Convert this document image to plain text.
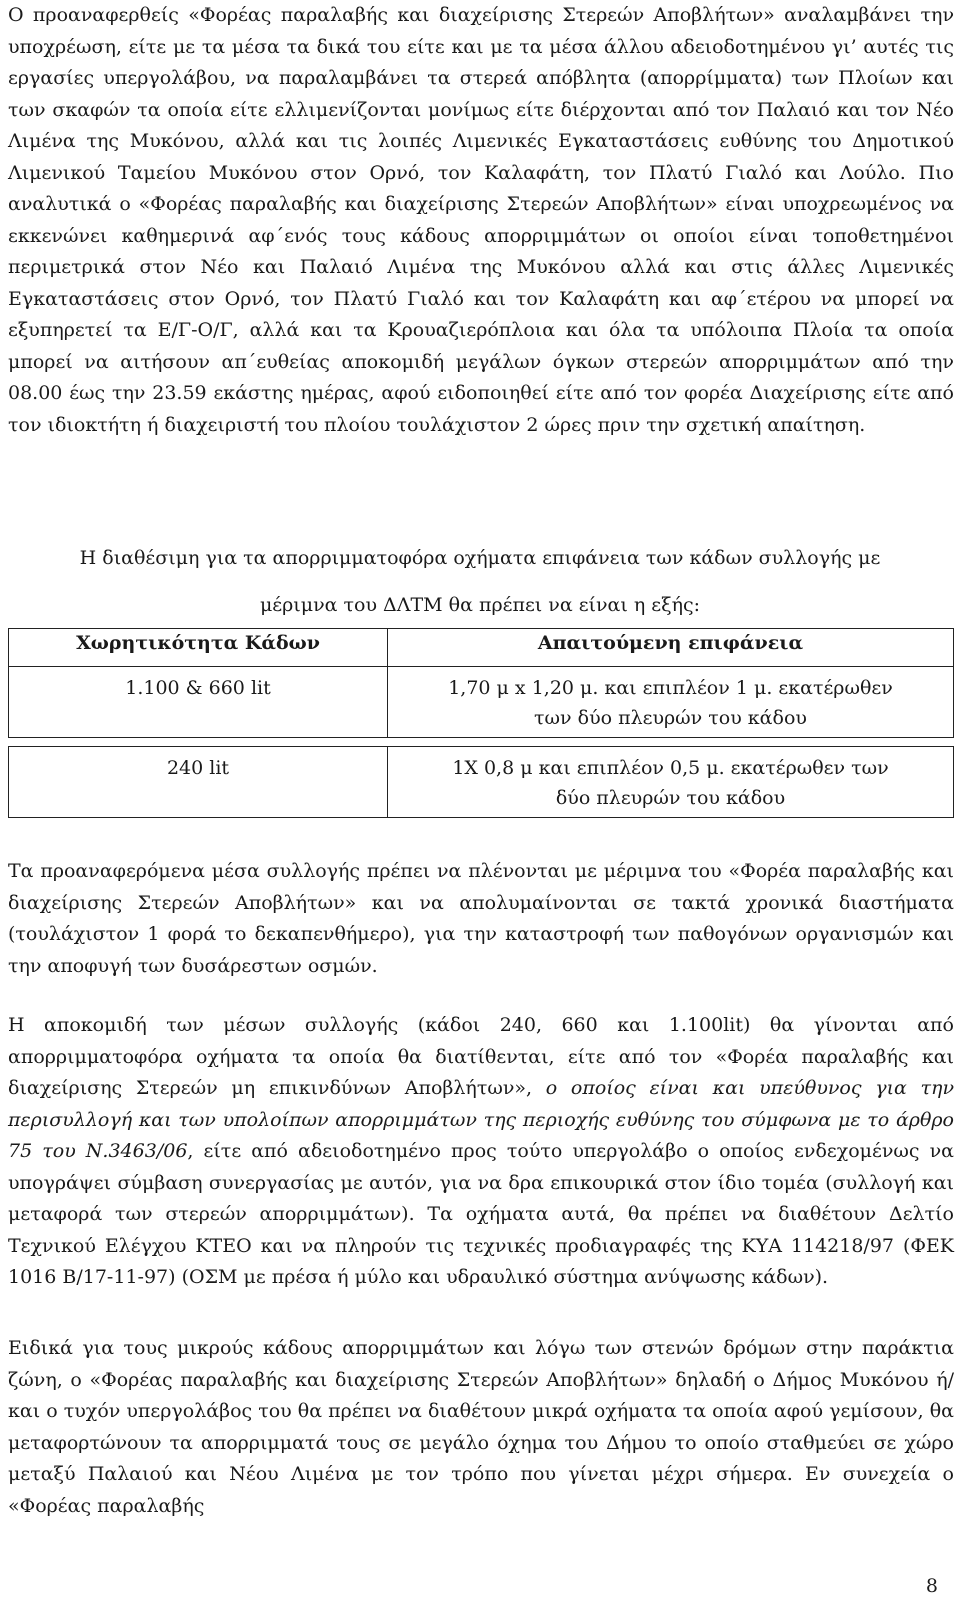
Ο προαναφερθείς «Φορέας παραλαβής και διαχείρισης Στερεών Αποβλήτων» αναλαμβάνει την υποχρέωση, είτε με τα μέσα τα δικά του είτε και με τα μέσα άλλου αδειοδοτημένου γι’ αυτές τις εργασίες υπεργολάβου, να παραλαμβάνει τα στερεά απόβλητα (απορρίμματα) των Πλοίων και των σκαφών τα οποία είτε ελλιμενίζονται μονίμως είτε διέρχονται από τον Παλαιό και τον Νέο Λιμένα της Μυκόνου, αλλά και τις λοιπές Λιμενικές Εγκαταστάσεις ευθύνης του Δημοτικού Λιμενικού Ταμείου Μυκόνου στον Ορνό, τον Καλαφάτη, τον Πλατύ Γιαλό και Λούλο. Πιο αναλυτικά ο «Φορέας παραλαβής και διαχείρισης Στερεών Αποβλήτων» είναι υποχρεωμένος να εκκενώνει καθημερινά αφ΄ενός τους κάδους απορριμμάτων οι οποίοι είναι τοποθετημένοι περιμετρικά στον Νέο και Παλαιό Λιμένα της Μυκόνου αλλά και στις άλλες Λιμενικές Εγκαταστάσεις στον Ορνό, τον Πλατύ Γιαλό και τον Καλαφάτη και αφ΄ετέρου να μπορεί να εξυπηρετεί τα Ε/Γ-Ο/Γ, αλλά και τα Κρουαζιερόπλοια και όλα τα υπόλοιπα Πλοία τα οποία μπορεί να αιτήσουν απ΄ευθείας αποκομιδή μεγάλων όγκων στερεών απορριμμάτων από την 08.00 έως την 23.59 εκάστης ημέρας, αφού ειδοποιηθεί είτε από τον φορέα Διαχείρισης είτε από τον ιδιοκτήτη ή διαχειριστή του πλοίου τουλάχιστον 2 ώρες πριν την σχετική απαίτηση.

Η διαθέσιμη για τα απορριμματοφόρα οχήματα επιφάνεια των κάδων συλλογής με

μέριμνα του ΔΛΤΜ θα πρέπει να είναι η εξής:

Χωρητικότητα Κάδων	Απαιτούμενη επιφάνεια
1.100 & 660 lit	1,70 μ x 1,20 μ. και επιπλέον 1 μ. εκατέρωθεν
των δύο πλευρών του κάδου

240 lit	1Χ 0,8 μ και επιπλέον 0,5 μ. εκατέρωθεν των
δύο πλευρών του κάδου

Τα προαναφερόμενα μέσα συλλογής πρέπει να πλένονται με μέριμνα του «Φορέα παραλαβής και διαχείρισης Στερεών Αποβλήτων» και να απολυμαίνονται σε τακτά χρονικά διαστήματα (τουλάχιστον 1 φορά το δεκαπενθήμερο), για την καταστροφή των παθογόνων οργανισμών και την αποφυγή των δυσάρεστων οσμών.

Η αποκομιδή των μέσων συλλογής (κάδοι 240, 660 και 1.100lit) θα γίνονται από απορριμματοφόρα οχήματα τα οποία θα διατίθενται, είτε από τον «Φορέα παραλαβής και διαχείρισης Στερεών μη επικινδύνων Αποβλήτων», ο οποίος είναι και υπεύθυνος για την περισυλλογή και των υπολοίπων απορριμμάτων της περιοχής ευθύνης του σύμφωνα με το άρθρο 75 του Ν.3463/06, είτε από αδειοδοτημένο προς τούτο υπεργολάβο ο οποίος ενδεχομένως να υπογράψει σύμβαση συνεργασίας με αυτόν, για να δρα επικουρικά στον ίδιο τομέα (συλλογή και μεταφορά των στερεών απορριμμάτων). Τα οχήματα αυτά, θα πρέπει να διαθέτουν Δελτίο Τεχνικού Ελέγχου ΚΤΕΟ και να πληρούν τις τεχνικές προδιαγραφές της ΚΥΑ 114218/97 (ΦΕΚ 1016 Β/17-11-97) (ΟΣΜ με πρέσα ή μύλο και υδραυλικό σύστημα ανύψωσης κάδων).

Ειδικά για τους μικρούς κάδους απορριμμάτων και λόγω των στενών δρόμων στην παράκτια ζώνη, ο «Φορέας παραλαβής και διαχείρισης Στερεών Αποβλήτων» δηλαδή ο Δήμος Μυκόνου ή/και ο τυχόν υπεργολάβος του θα πρέπει να διαθέτουν μικρά οχήματα τα οποία αφού γεμίσουν, θα μεταφορτώνουν τα απορριμματά τους σε μεγάλο όχημα του Δήμου το οποίο σταθμεύει σε χώρο μεταξύ Παλαιού και Νέου Λιμένα με τον τρόπο που γίνεται μέχρι σήμερα. Εν συνεχεία ο «Φορέας παραλαβής

8
